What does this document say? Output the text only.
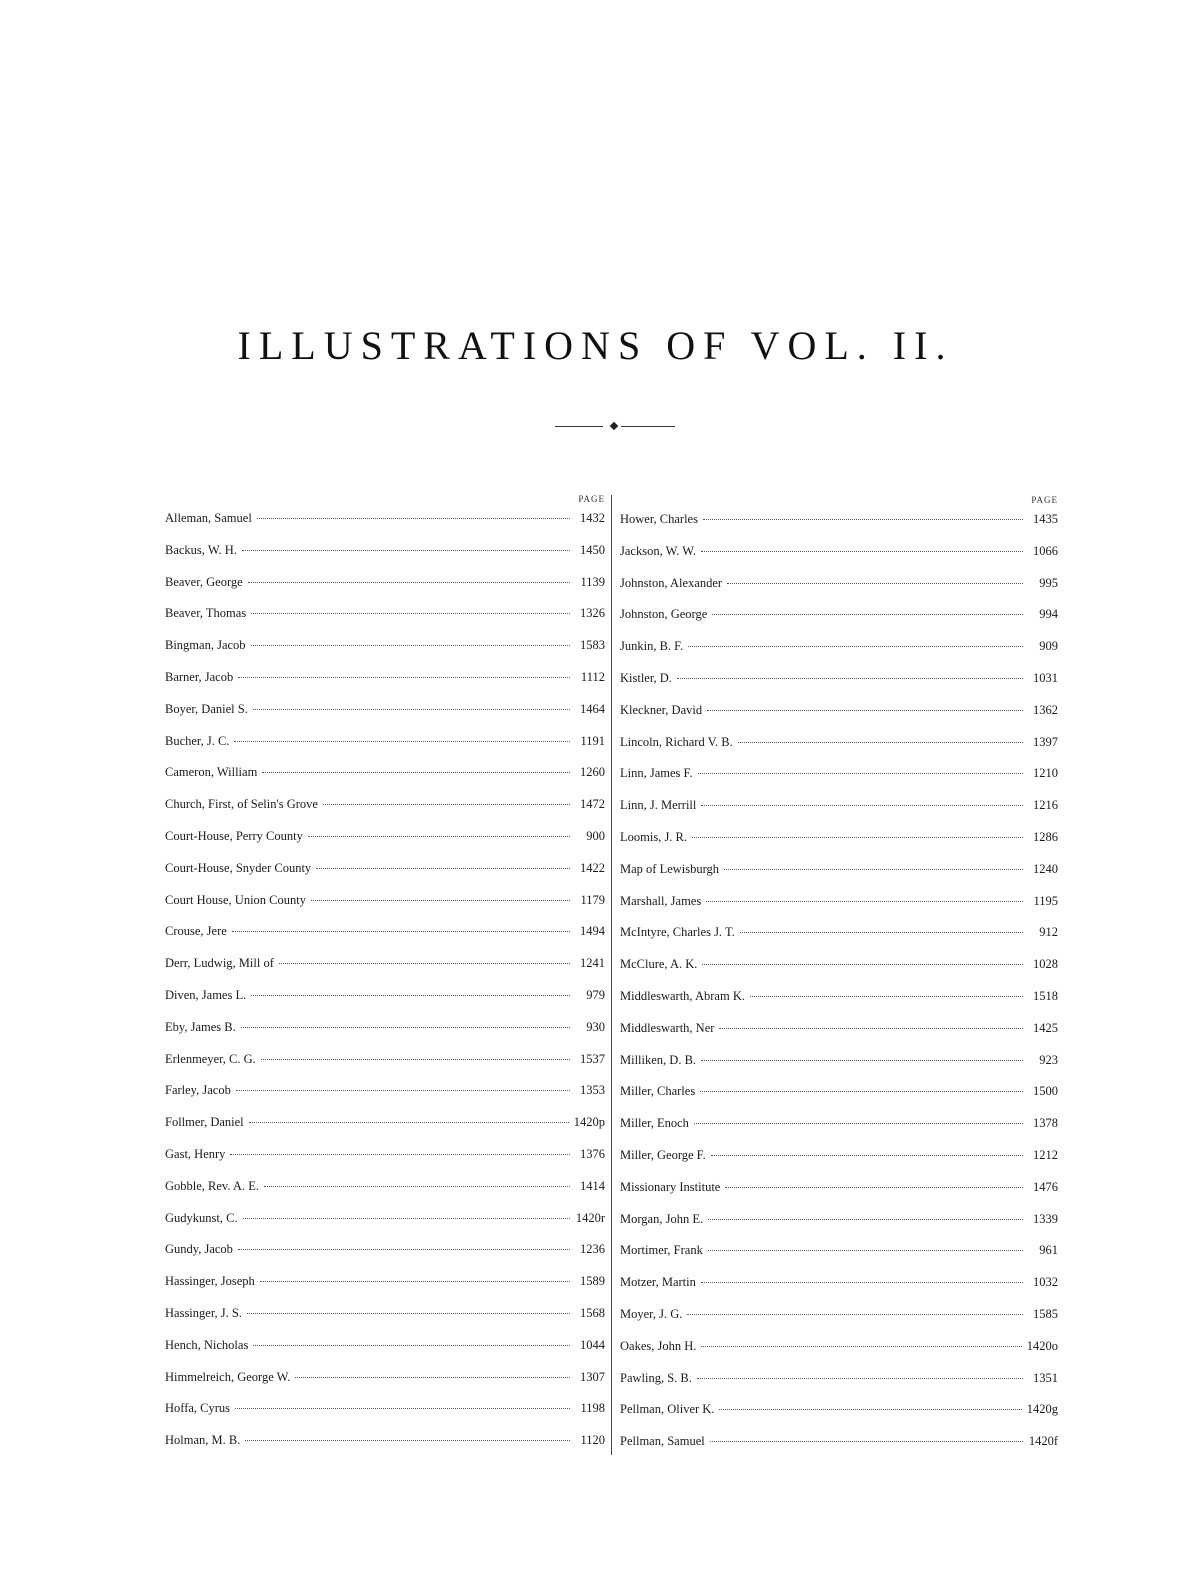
ILLUSTRATIONS OF VOL. II.
PAGE
Alleman, Samuel	1432
Backus, W. H.	1450
Beaver, George	1139
Beaver, Thomas	1326
Bingman, Jacob	1583
Barner, Jacob	1112
Boyer, Daniel S.	1464
Bucher, J. C.	1191
Cameron, William	1260
Church, First, of Selin's Grove	1472
Court-House, Perry County	900
Court-House, Snyder County	1422
Court House, Union County	1179
Crouse, Jere	1494
Derr, Ludwig, Mill of	1241
Diven, James L.	979
Eby, James B.	930
Erlenmeyer, C. G.	1537
Farley, Jacob	1353
Follmer, Daniel	1420p
Gast, Henry	1376
Gobble, Rev. A. E.	1414
Gudykunst, C.	1420r
Gundy, Jacob	1236
Hassinger, Joseph	1589
Hassinger, J. S.	1568
Hench, Nicholas	1044
Himmelreich, George W.	1307
Hoffa, Cyrus	1198
Holman, M. B.	1120
PAGE
Hower, Charles	1435
Jackson, W. W.	1066
Johnston, Alexander	995
Johnston, George	994
Junkin, B. F.	909
Kistler, D.	1031
Kleckner, David	1362
Lincoln, Richard V. B.	1397
Linn, James F.	1210
Linn, J. Merrill	1216
Loomis, J. R.	1286
Map of Lewisburgh	1240
Marshall, James	1195
McIntyre, Charles J. T.	912
McClure, A. K.	1028
Middleswarth, Abram K.	1518
Middleswarth, Ner	1425
Milliken, D. B.	923
Miller, Charles	1500
Miller, Enoch	1378
Miller, George F.	1212
Missionary Institute	1476
Morgan, John E.	1339
Mortimer, Frank	961
Motzer, Martin	1032
Moyer, J. G.	1585
Oakes, John H.	1420o
Pawling, S. B.	1351
Pellman, Oliver K.	1420g
Pellman, Samuel	1420f
